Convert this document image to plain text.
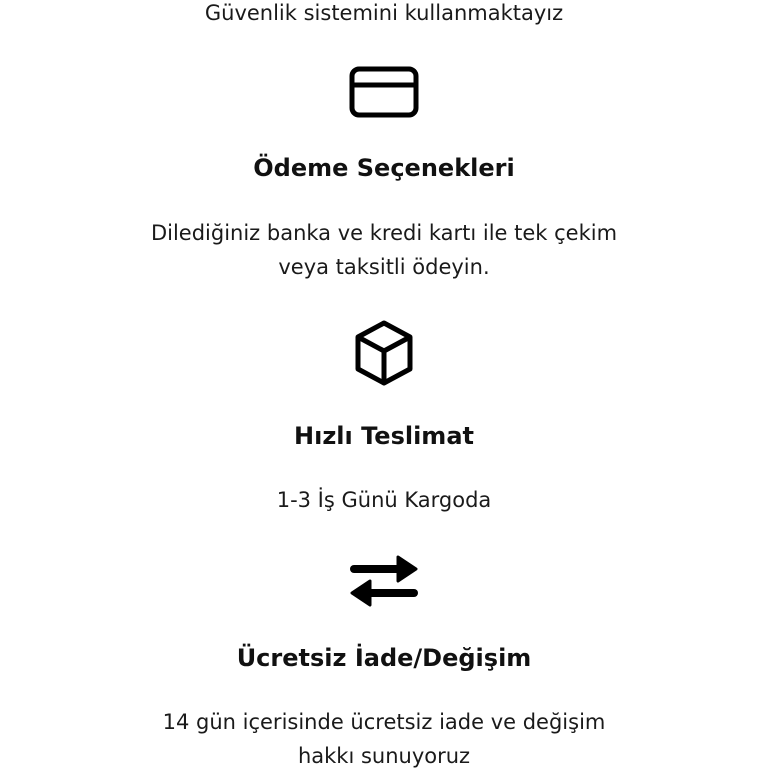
Güvenlik sistemini kullanmaktayız
Ödeme Seçenekleri
Dilediğiniz banka ve kredi kartı ile tek çekim
veya taksitli ödeyin.
Hızlı Teslimat
1-3 İş Günü Kargoda
Ücretsiz İade/Değişim
14 gün içerisinde ücretsiz iade ve değişim
hakkı sunuyoruz
